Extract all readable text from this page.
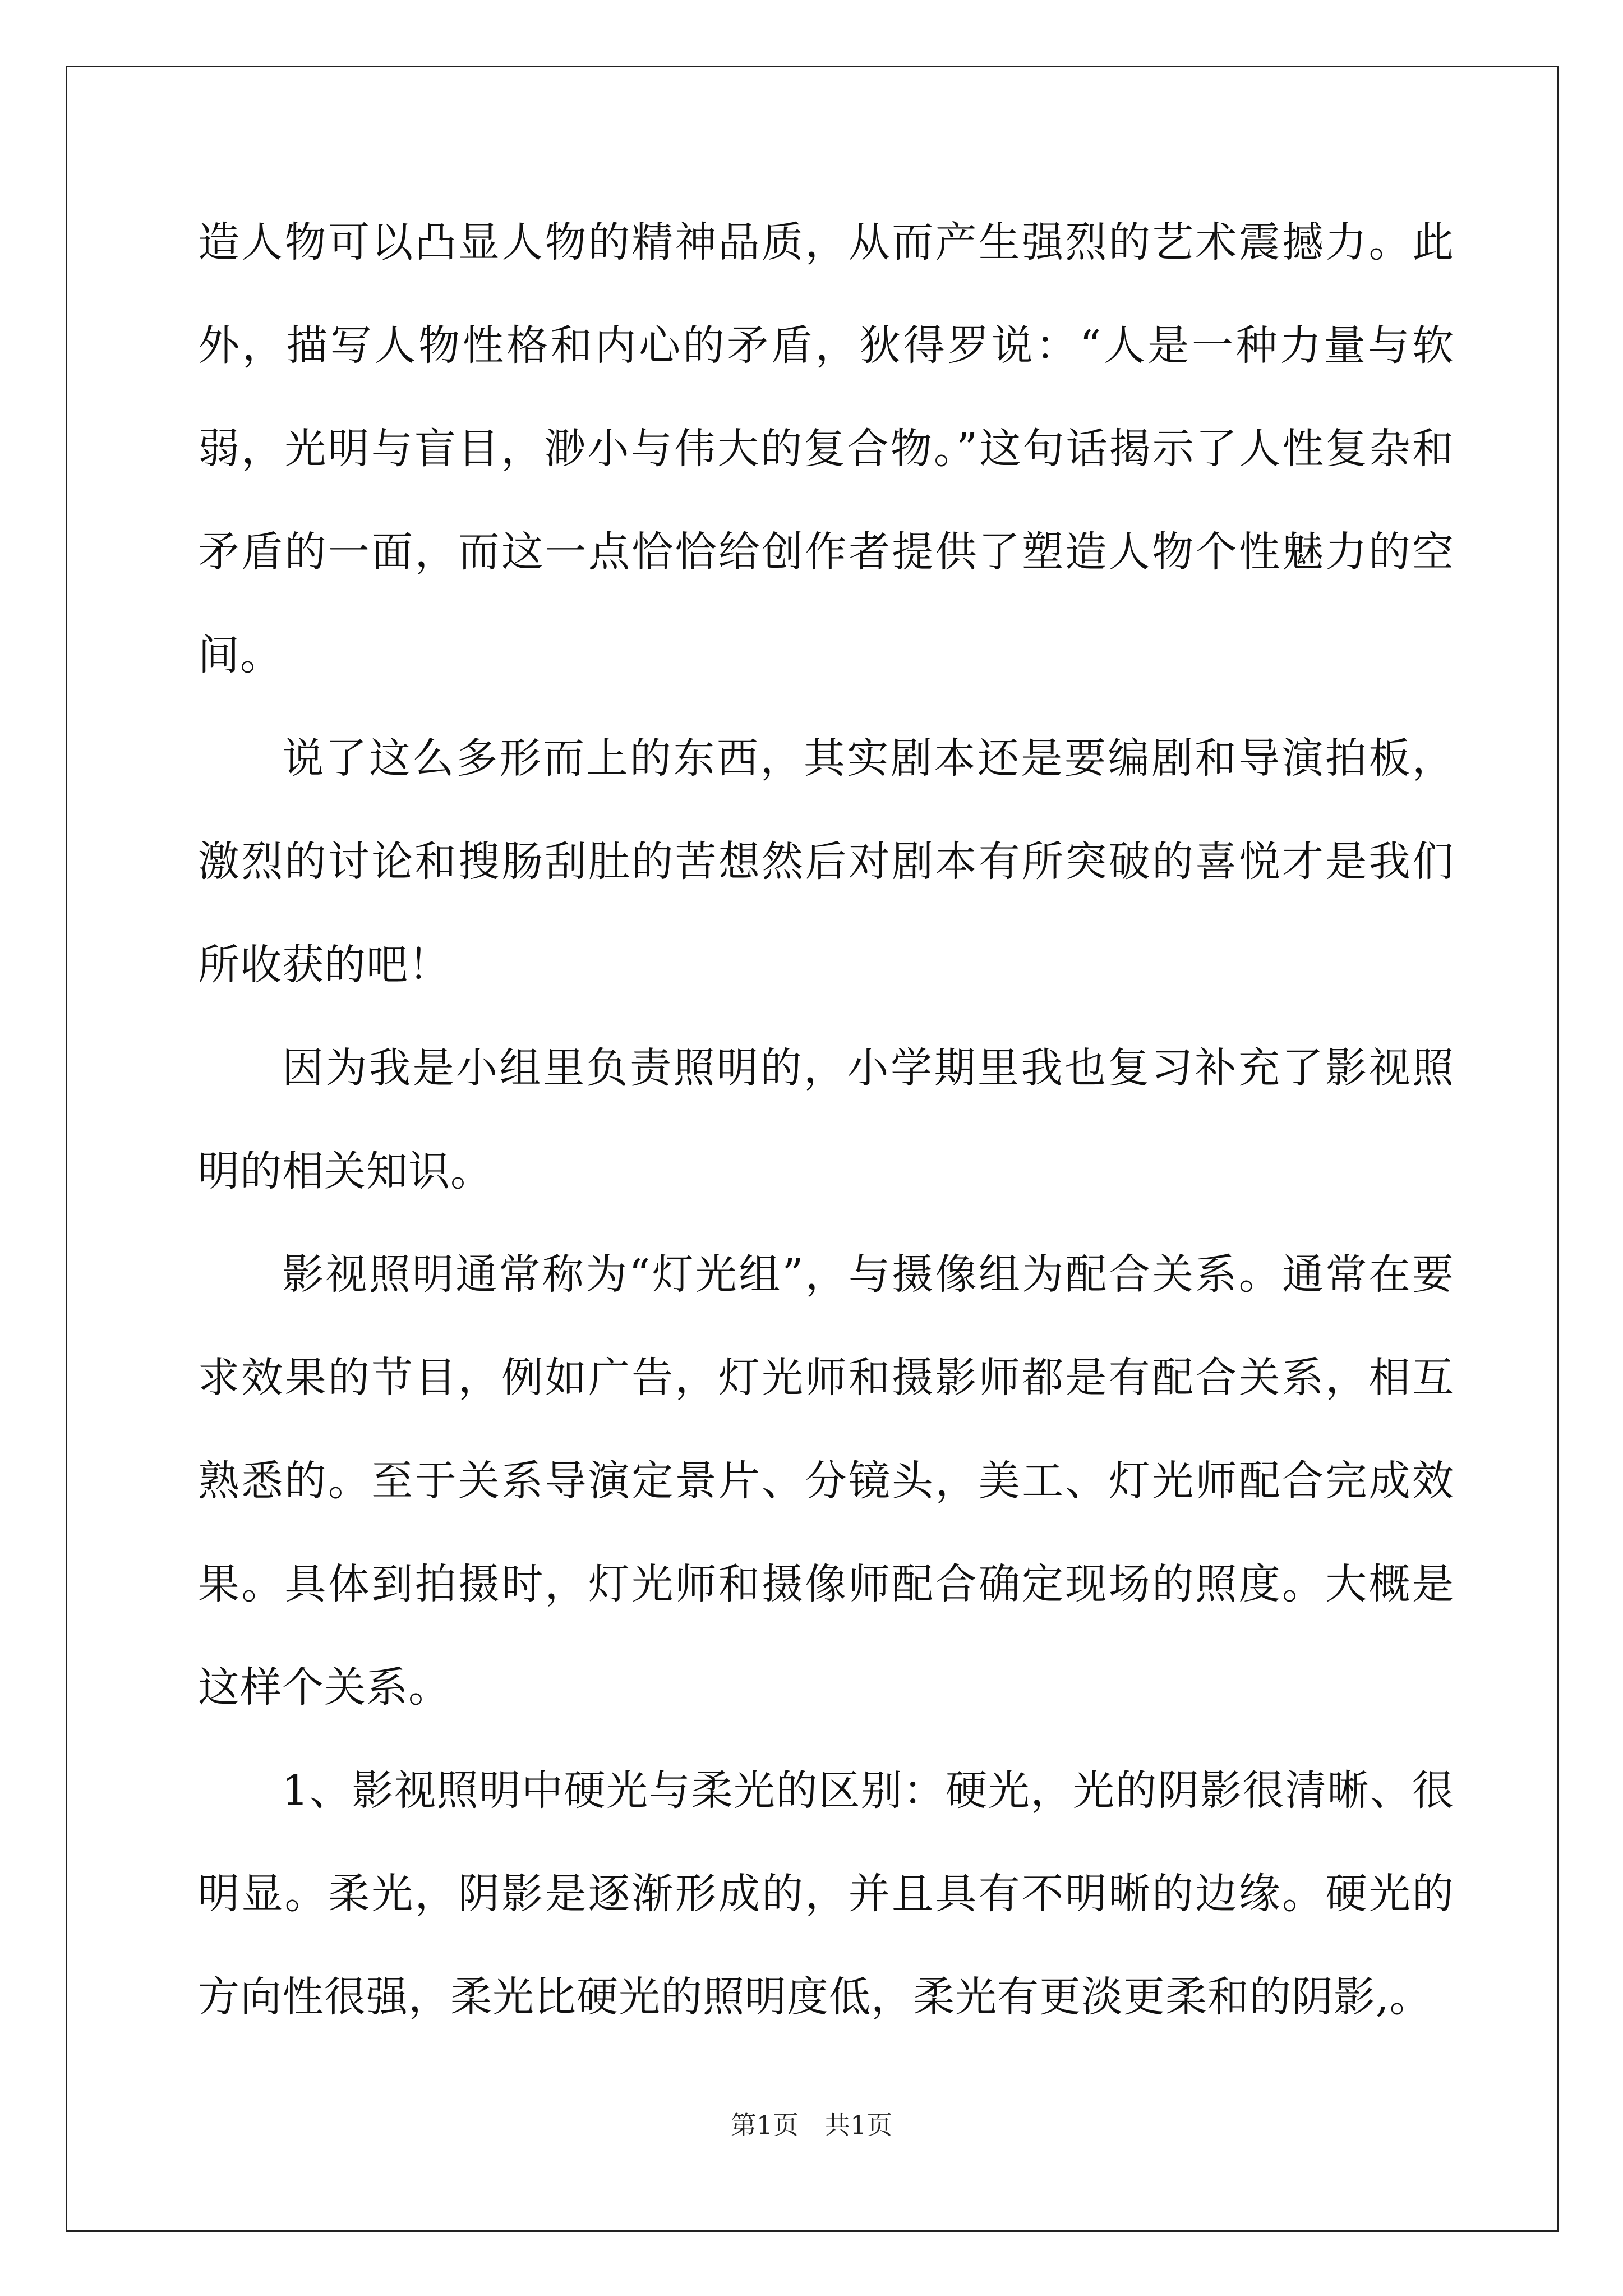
造人物可以凸显人物的精神品质，从而产生强烈的艺术震撼力。此外，描写人物性格和内心的矛盾，狄得罗说：“人是一种力量与软弱，光明与盲目，渺小与伟大的复合物。”这句话揭示了人性复杂和矛盾的一面，而这一点恰恰给创作者提供了塑造人物个性魅力的空间。

说了这么多形而上的东西，其实剧本还是要编剧和导演拍板，激烈的讨论和搜肠刮肚的苦想然后对剧本有所突破的喜悦才是我们所收获的吧！

因为我是小组里负责照明的，小学期里我也复习补充了影视照明的相关知识。

影视照明通常称为“灯光组”，与摄像组为配合关系。通常在要求效果的节目，例如广告，灯光师和摄影师都是有配合关系，相互熟悉的。至于关系导演定景片、分镜头，美工、灯光师配合完成效果。具体到拍摄时，灯光师和摄像师配合确定现场的照度。大概是这样个关系。

1、影视照明中硬光与柔光的区别：硬光，光的阴影很清晰、很明显。柔光，阴影是逐渐形成的，并且具有不明晰的边缘。硬光的方向性很强，柔光比硬光的照明度低，柔光有更淡更柔和的阴影,。

第1页　共1页
